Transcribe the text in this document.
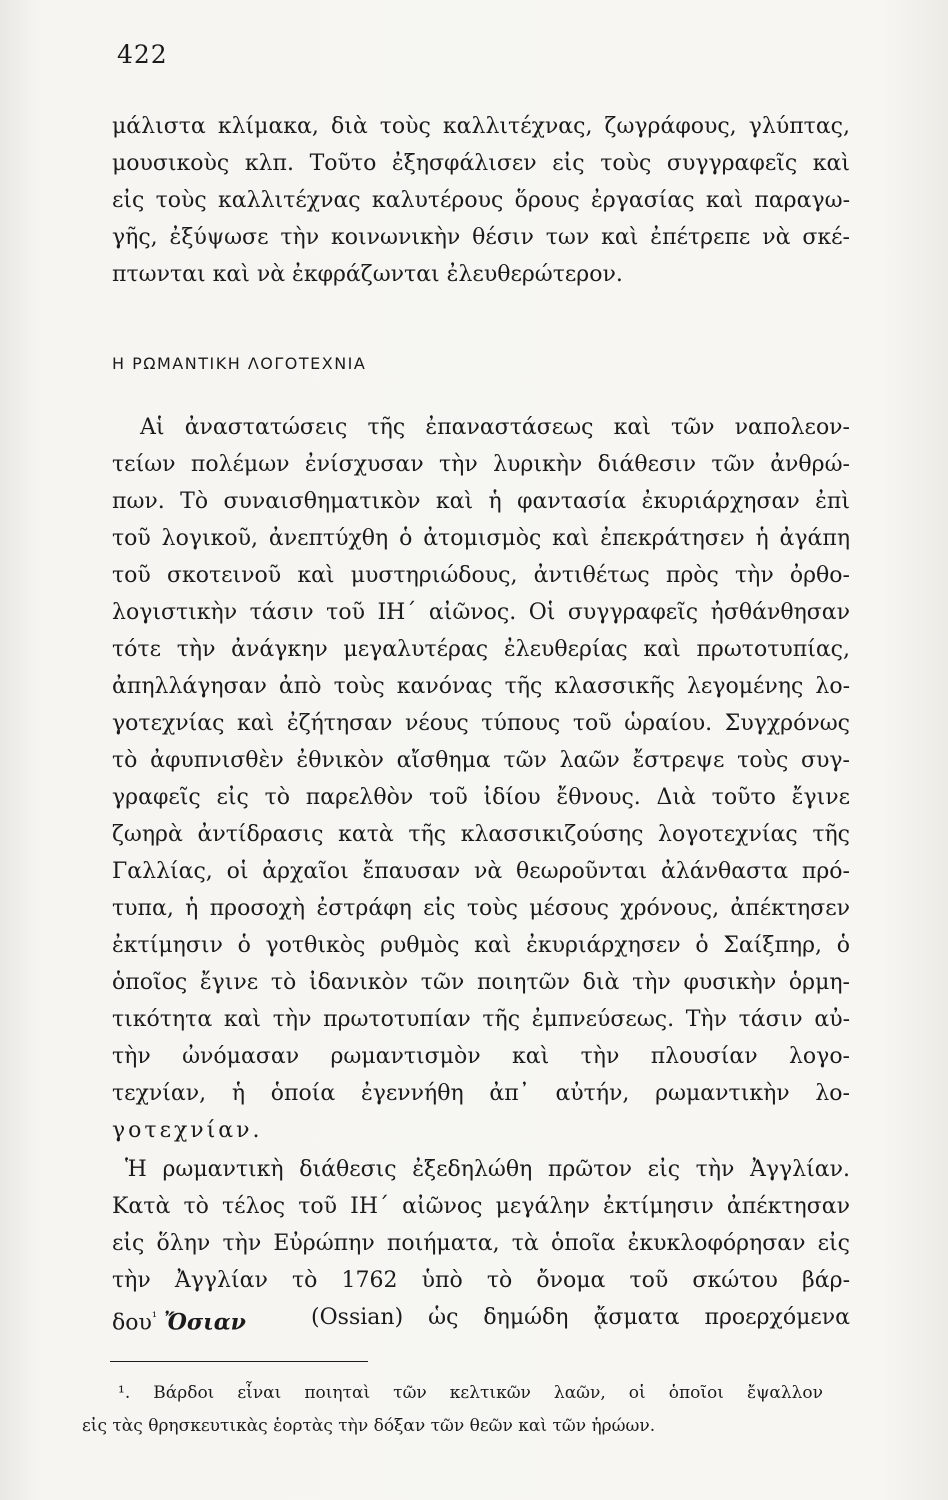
422
μάλιστα κλίμακα, διὰ τοὺς καλλιτέχνας, ζωγράφους, γλύπτας,
μουσικοὺς κλπ. Τοῦτο ἐξησφάλισεν εἰς τοὺς συγγραφεῖς καὶ
εἰς τοὺς καλλιτέχνας καλυτέρους ὅρους ἐργασίας καὶ παραγω-
γῆς, ἐξύψωσε τὴν κοινωνικὴν θέσιν των καὶ ἐπέτρεπε νὰ σκέ-
πτωνται καὶ νὰ ἐκφράζωνται ἐλευθερώτερον.
Η ΡΩΜΑΝΤΙΚΗ ΛΟΓΟΤΕΧΝΙΑ
Αἱ ἀναστατώσεις τῆς ἐπαναστάσεως καὶ τῶν ναπολεον-
τείων πολέμων ἐνίσχυσαν τὴν λυρικὴν διάθεσιν τῶν ἀνθρώ-
πων. Τὸ συναισθηματικὸν καὶ ἡ φαντασία ἐκυριάρχησαν ἐπὶ
τοῦ λογικοῦ, ἀνεπτύχθη ὁ ἀτομισμὸς καὶ ἐπεκράτησεν ἡ ἀγάπη
τοῦ σκοτεινοῦ καὶ μυστηριώδους, ἀντιθέτως πρὸς τὴν ὀρθο-
λογιστικὴν τάσιν τοῦ ΙΗ΄ αἰῶνος. Οἱ συγγραφεῖς ἠσθάνθησαν
τότε τὴν ἀνάγκην μεγαλυτέρας ἐλευθερίας καὶ πρωτοτυπίας,
ἀπηλλάγησαν ἀπὸ τοὺς κανόνας τῆς κλασσικῆς λεγομένης λο-
γοτεχνίας καὶ ἐζήτησαν νέους τύπους τοῦ ὡραίου. Συγχρόνως
τὸ ἀφυπνισθὲν ἐθνικὸν αἴσθημα τῶν λαῶν ἔστρεψε τοὺς συγ-
γραφεῖς εἰς τὸ παρελθὸν τοῦ ἰδίου ἔθνους. Διὰ τοῦτο ἔγινε
ζωηρὰ ἀντίδρασις κατὰ τῆς κλασσικιζούσης λογοτεχνίας τῆς
Γαλλίας, οἱ ἀρχαῖοι ἔπαυσαν νὰ θεωροῦνται ἀλάνθαστα πρό-
τυπα, ἡ προσοχὴ ἐστράφη εἰς τοὺς μέσους χρόνους, ἀπέκτησεν
ἐκτίμησιν ὁ γοτθικὸς ρυθμὸς καὶ ἐκυριάρχησεν ὁ Σαίξπηρ, ὁ
ὁποῖος ἔγινε τὸ ἰδανικὸν τῶν ποιητῶν διὰ τὴν φυσικὴν ὁρμη-
τικότητα καὶ τὴν πρωτοτυπίαν τῆς ἐμπνεύσεως. Τὴν τάσιν αὐ-
τὴν ὠνόμασαν ρωμαντισμὸν καὶ τὴν πλουσίαν λογο-
τεχνίαν, ἡ ὁποία ἐγεννήθη ἀπ᾽ αὐτήν, ρωμαντικὴν λο-
γοτεχνίαν.
Ἡ ρωμαντικὴ διάθεσις ἐξεδηλώθη πρῶτον εἰς τὴν Ἀγγλίαν.
Κατὰ τὸ τέλος τοῦ ΙΗ΄ αἰῶνος μεγάλην ἐκτίμησιν ἀπέκτησαν
εἰς ὅλην τὴν Εὐρώπην ποιήματα, τὰ ὁποῖα ἐκυκλοφόρησαν εἰς
τὴν Ἀγγλίαν τὸ 1762 ὑπὸ τὸ ὄνομα τοῦ σκώτου βάρ-
δου$^{^1}$ Ὄσιαν	(Ossian) ὡς δημώδη ᾄσματα προερχόμενα
¹. Βάρδοι εἶναι ποιηταὶ τῶν κελτικῶν λαῶν, οἱ ὁποῖοι ἔψαλλον
εἰς τὰς θρησκευτικὰς ἑορτὰς τὴν δόξαν τῶν θεῶν καὶ τῶν ἡρώων.
